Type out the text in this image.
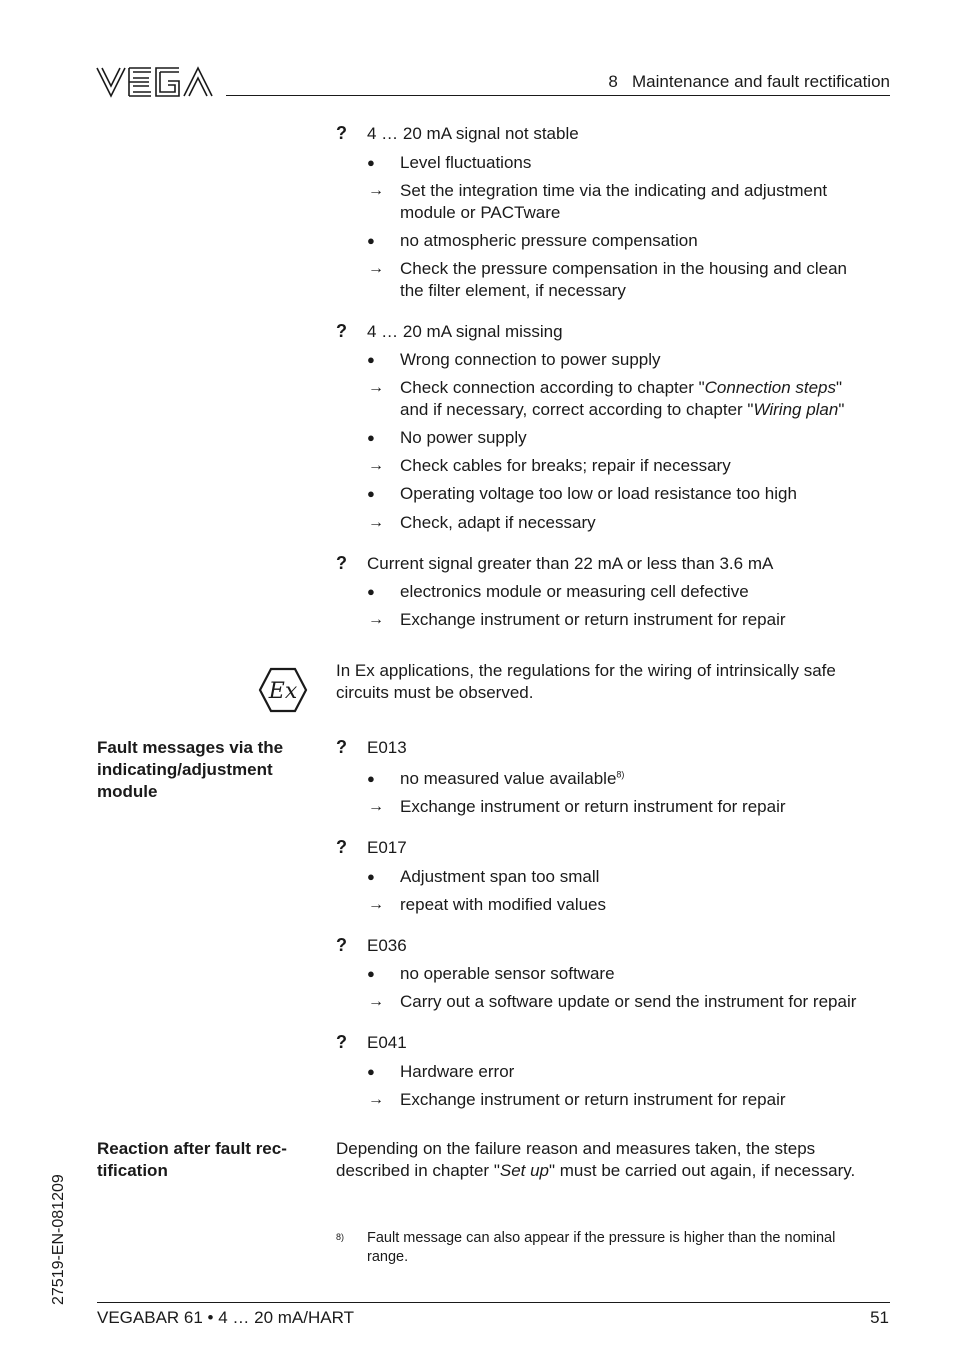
8   Maintenance and fault rectification
? 4 … 20 mA signal not stable
● Level fluctuations
→ Set the integration time via the indicating and adjustment
module or PACTware
● no atmospheric pressure compensation
→ Check the pressure compensation in the housing and clean
the filter element, if necessary
? 4 … 20 mA signal missing
● Wrong connection to power supply
→ Check connection according to chapter "Connection steps"
and if necessary, correct according to chapter "Wiring plan"
● No power supply
→ Check cables for breaks; repair if necessary
● Operating voltage too low or load resistance too high
→ Check, adapt if necessary
? Current signal greater than 22 mA or less than 3.6 mA
● electronics module or measuring cell defective
→ Exchange instrument or return instrument for repair
Ex
In Ex applications, the regulations for the wiring of intrinsically safe
circuits must be observed.
Fault messages via the
indicating/adjustment
module
? E013
● no measured value available$^{8)}$
→ Exchange instrument or return instrument for repair
? E017
● Adjustment span too small
→ repeat with modified values
? E036
● no operable sensor software
→ Carry out a software update or send the instrument for repair
? E041
● Hardware error
→ Exchange instrument or return instrument for repair
Reaction after fault rec-
tification
Depending on the failure reason and measures taken, the steps
described in chapter "Set up" must be carried out again, if necessary.
8) Fault message can also appear if the pressure is higher than the nominal
range.
27519-EN-081209
VEGABAR 61 • 4 … 20 mA/HART	51
